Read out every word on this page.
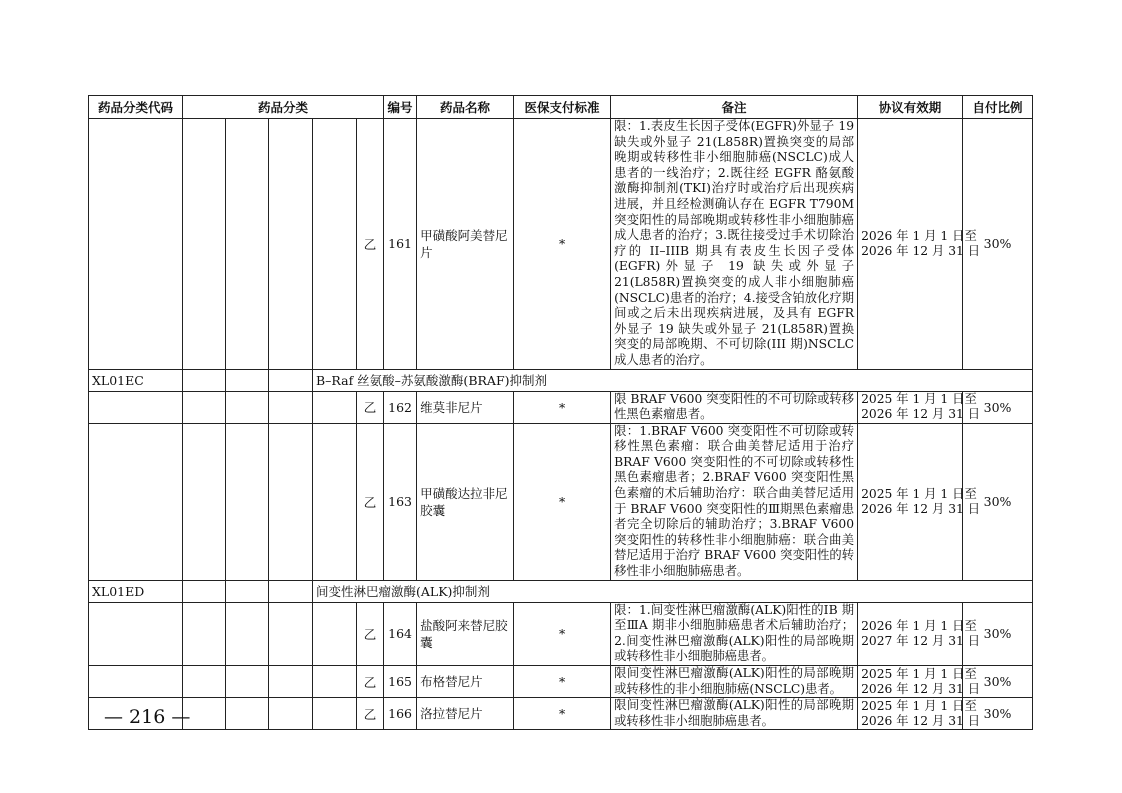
药品分类代码	药品分类					编号	药品名称	医保支付标准	备注	协议有效期	自付比例
					乙	161	甲磺酸阿美替尼片	*	限：1.表皮生长因子受体(EGFR)外显子 19 缺失或外显子 21(L858R)置换突变的局部晚期或转移性非小细胞肺癌(NSCLC)成人患者的一线治疗；2.既往经 EGFR 酪氨酸激酶抑制剂(TKI)治疗时或治疗后出现疾病进展，并且经检测确认存在 EGFR T790M 突变阳性的局部晚期或转移性非小细胞肺癌成人患者的治疗；3.既往接受过手术切除治疗的 II–IIIB 期具有表皮生长因子受体(EGFR)外显子 19 缺失或外显子 21(L858R)置换突变的成人非小细胞肺癌(NSCLC)患者的治疗；4.接受含铂放化疗期间或之后未出现疾病进展，及具有 EGFR 外显子 19 缺失或外显子 21(L858R)置换突变的局部晚期、不可切除(III 期)NSCLC 成人患者的治疗。	2026 年 1 月 1 日至
2026 年 12 月 31 日	30%
XL01EC				B–Raf 丝氨酸–苏氨酸激酶(BRAF)抑制剂							
					乙	162	维莫非尼片	*	限 BRAF V600 突变阳性的不可切除或转移性黑色素瘤患者。	2025 年 1 月 1 日至
2026 年 12 月 31 日	30%
					乙	163	甲磺酸达拉非尼胶囊	*	限：1.BRAF V600 突变阳性不可切除或转移性黑色素瘤：联合曲美替尼适用于治疗 BRAF V600 突变阳性的不可切除或转移性黑色素瘤患者；2.BRAF V600 突变阳性黑色素瘤的术后辅助治疗：联合曲美替尼适用于 BRAF V600 突变阳性的Ⅲ期黑色素瘤患者完全切除后的辅助治疗；3.BRAF V600 突变阳性的转移性非小细胞肺癌：联合曲美替尼适用于治疗 BRAF V600 突变阳性的转移性非小细胞肺癌患者。	2025 年 1 月 1 日至
2026 年 12 月 31 日	30%
XL01ED				间变性淋巴瘤激酶(ALK)抑制剂							
					乙	164	盐酸阿来替尼胶囊	*	限：1.间变性淋巴瘤激酶(ALK)阳性的ⅠB 期至ⅢA 期非小细胞肺癌患者术后辅助治疗；2.间变性淋巴瘤激酶(ALK)阳性的局部晚期或转移性非小细胞肺癌患者。	2026 年 1 月 1 日至
2027 年 12 月 31 日	30%
					乙	165	布格替尼片	*	限间变性淋巴瘤激酶(ALK)阳性的局部晚期或转移性的非小细胞肺癌(NSCLC)患者。	2025 年 1 月 1 日至
2026 年 12 月 31 日	30%
					乙	166	洛拉替尼片	*	限间变性淋巴瘤激酶(ALK)阳性的局部晚期或转移性非小细胞肺癌患者。	2025 年 1 月 1 日至
2026 年 12 月 31 日	30%
— 216 —
